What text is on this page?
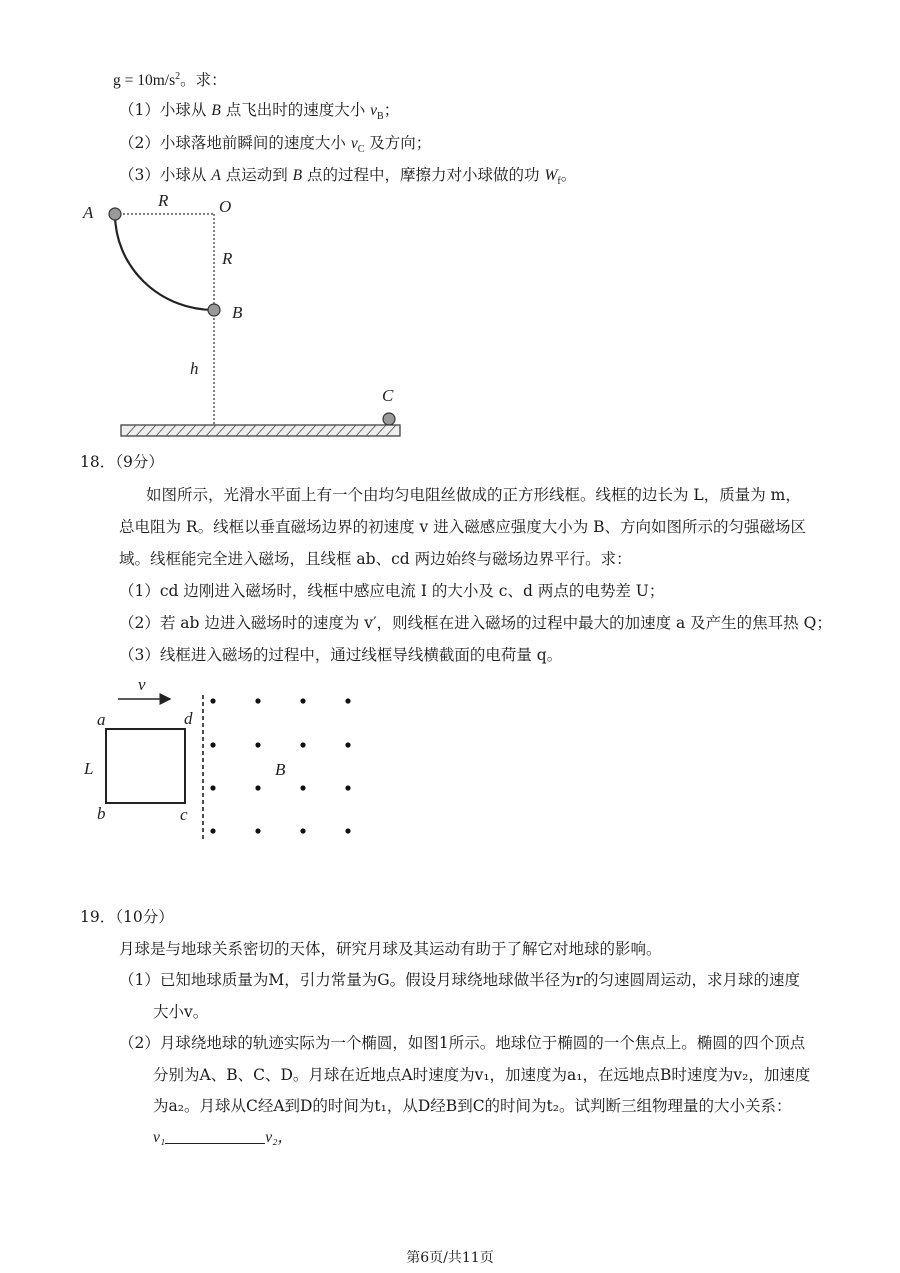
$g = 10m/s^2$。求：
（1）小球从 B 点飞出时的速度大小 $v_B$；
（2）小球落地前瞬间的速度大小 $v_C$ 及方向；
（3）小球从 A 点运动到 B 点的过程中，摩擦力对小球做的功 $W_f$。
A
R	O
R
B
h
C
18．（9分）
如图所示，光滑水平面上有一个由均匀电阻丝做成的正方形线框。线框的边长为 L，质量为 m，
总电阻为 R。线框以垂直磁场边界的初速度 v 进入磁感应强度大小为 B、方向如图所示的匀强磁场区
域。线框能完全进入磁场，且线框 ab、cd 两边始终与磁场边界平行。求：
（1）cd 边刚进入磁场时，线框中感应电流 I 的大小及 c、d 两点的电势差 U；
（2）若 ab 边进入磁场时的速度为 v′，则线框在进入磁场的过程中最大的加速度 a 及产生的焦耳热 Q；
（3）线框进入磁场的过程中，通过线框导线横截面的电荷量 q。
v
a	d
L
b	c
B
19．（10分）
月球是与地球关系密切的天体，研究月球及其运动有助于了解它对地球的影响。
（1）已知地球质量为M，引力常量为G。假设月球绕地球做半径为r的匀速圆周运动，求月球的速度
大小v。
（2）月球绕地球的轨迹实际为一个椭圆，如图1所示。地球位于椭圆的一个焦点上。椭圆的四个顶点
分别为A、B、C、D。月球在近地点A时速度为v₁，加速度为a₁，在远地点B时速度为v₂，加速度
为a₂。月球从C经A到D的时间为t₁，从D经B到C的时间为t₂。试判断三组物理量的大小关系：
v₁	v₂，
第6页/共11页
